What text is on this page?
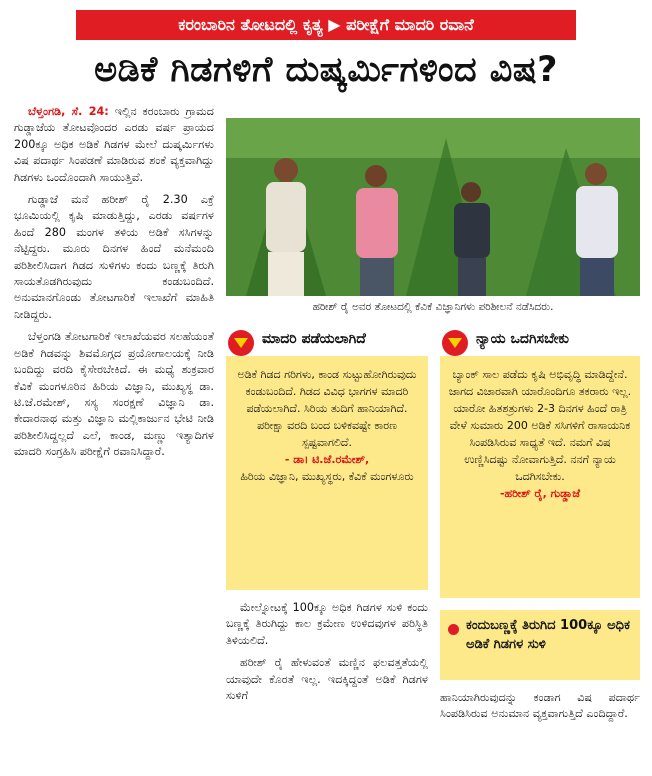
ಕರಂಬಾರಿನ ತೋಟದಲ್ಲಿ ಕೃತ್ಯ ▶ ಪರೀಕ್ಷೆಗೆ ಮಾದರಿ ರವಾನೆ
ಅಡಿಕೆ ಗಿಡಗಳಿಗೆ ದುಷ್ಕರ್ಮಿಗಳಿಂದ ವಿಷ?

ಬೆಳ್ತಂಗಡಿ, ಸೆ. 24: ಇಲ್ಲಿನ ಕರಂಬಾರು ಗ್ರಾಮದ ಗುಡ್ಡಾಜೆಯ ತೋಟವೊಂದರ ಎರಡು ವರ್ಷ ಪ್ರಾಯದ 200ಕ್ಕೂ ಅಧಿಕ ಅಡಿಕೆ ಗಿಡಗಳ ಮೇಲೆ ದುಷ್ಕರ್ಮಿಗಳು ವಿಷ ಪದಾರ್ಥ ಸಿಂಪಡಣೆ ಮಾಡಿರುವ ಶಂಕೆ ವ್ಯಕ್ತವಾಗಿದ್ದು ಗಿಡಗಳು ಒಂದೊಂದಾಗಿ ಸಾಯುತ್ತಿವೆ.

ಗುಡ್ಡಾಜೆ ಮನೆ ಹರೀಶ್ ರೈ 2.30 ಎಕ್ರೆ ಭೂಮಿಯಲ್ಲಿ ಕೃಷಿ ಮಾಡುತ್ತಿದ್ದು, ಎರಡು ವರ್ಷಗಳ ಹಿಂದೆ 280 ಮಂಗಳ ತಳಿಯ ಅಡಿಕೆ ಸಸಿಗಳನ್ನು ನೆಟ್ಟಿದ್ದರು. ಮೂರು ದಿನಗಳ ಹಿಂದೆ ಮನೆಮಂದಿ ಪರಿಶೀಲಿಸಿದಾಗ ಗಿಡದ ಸುಳಿಗಳು ಕಂದು ಬಣ್ಣಕ್ಕೆ ತಿರುಗಿ ಸಾಯತೊಡಗಿರುವುದು ಕಂಡುಬಂದಿದೆ. ಅನುಮಾನಗೊಂಡು ತೋಟಗಾರಿಕೆ ಇಲಾಖೆಗೆ ಮಾಹಿತಿ ನೀಡಿದ್ದರು.

ಬೆಳ್ತಂಗಡಿ ತೋಟಗಾರಿಕೆ ಇಲಾಖೆಯವರ ಸಲಹೆಯಂತೆ ಅಡಿಕೆ ಗಿಡವನ್ನು ಶಿವಮೊಗ್ಗದ ಪ್ರಯೋಗಾಲಯಕ್ಕೆ ನೀಡಿ ಬಂದಿದ್ದು ವರದಿ ಕೈಸೇರಬೇಕಿದೆ. ಈ ಮಧ್ಯೆ ಶುಕ್ರವಾರ ಕೆವಿಕೆ ಮಂಗಳೂರಿನ ಹಿರಿಯ ವಿಜ್ಞಾನಿ, ಮುಖ್ಯಸ್ಥ ಡಾ. ಟಿ.ಜೆ.ರಮೇಶ್, ಸಸ್ಯ ಸಂರಕ್ಷಣೆ ವಿಜ್ಞಾನಿ ಡಾ. ಕೇದಾರನಾಥ ಮತ್ತು ವಿಜ್ಞಾನಿ ಮಲ್ಲಿಕಾರ್ಜುನ ಭೇಟಿ ನೀಡಿ ಪರಿಶೀಲಿಸಿದ್ದಲ್ಲದೆ ಎಲೆ, ಕಾಂಡ, ಮಣ್ಣು ಇತ್ಯಾದಿಗಳ ಮಾದರಿ ಸಂಗ್ರಹಿಸಿ ಪರೀಕ್ಷೆಗೆ ರವಾನಿಸಿದ್ದಾರೆ.

ಹರೀಶ್ ರೈ ಅವರ ತೋಟದಲ್ಲಿ ಕೆವಿಕೆ ವಿಜ್ಞಾನಿಗಳು ಪರಿಶೀಲನೆ ನಡೆಸಿದರು.
ಮಾದರಿ ಪಡೆಯಲಾಗಿದೆ
ಅಡಿಕೆ ಗಿಡದ ಗರಿಗಳು, ಕಾಂಡ ಸುಟ್ಟುಹೋಗಿರುವುದು ಕಂಡುಬಂದಿದೆ. ಗಿಡದ ವಿವಿಧ ಭಾಗಗಳ ಮಾದರಿ ಪಡೆಯಲಾಗಿದೆ. ಸಿರಿಯ ತುದಿಗೆ ಹಾನಿಯಾಗಿದೆ. ಪರೀಕ್ಷಾ ವರದಿ ಬಂದ ಬಳಿಕವಷ್ಟೇ ಕಾರಣ ಸ್ಪಷ್ಟವಾಗಲಿದೆ.
- ಡಾ। ಟಿ.ಜೆ.ರಮೇಶ್,
ಹಿರಿಯ ವಿಜ್ಞಾನಿ, ಮುಖ್ಯಸ್ಥರು, ಕೆವಿಕೆ ಮಂಗಳೂರು
ನ್ಯಾಯ ಒದಗಿಸಬೇಕು
ಬ್ಯಾಂಕ್ ಸಾಲ ಪಡೆದು ಕೃಷಿ ಅಭಿವೃದ್ಧಿ ಮಾಡಿದ್ದೇನೆ. ಜಾಗದ ವಿಚಾರವಾಗಿ ಯಾರೊಂದಿಗೂ ತಕರಾರು ಇಲ್ಲ. ಯಾರೋ ಹಿತಶತ್ರುಗಳು 2-3 ದಿನಗಳ ಹಿಂದೆ ರಾತ್ರಿ ವೇಳೆ ಸುಮಾರು 200 ಅಡಿಕೆ ಸಸಿಗಳಿಗೆ ರಾಸಾಯನಿಕ ಸಿಂಪಡಿಸಿರುವ ಸಾಧ್ಯತೆ ಇದೆ. ನಮಗೆ ವಿಷ ಉಣ್ಣಿಸಿದಷ್ಟು ನೋವಾಗುತ್ತಿದೆ. ನನಗೆ ನ್ಯಾಯ ಒದಗಿಸಬೇಕು.
-ಹರೀಶ್ ರೈ, ಗುಡ್ಡಾಜೆ

ಮೇಲ್ನೋಟಕ್ಕೆ 100ಕ್ಕೂ ಅಧಿಕ ಗಿಡಗಳ ಸುಳಿ ಕಂದು ಬಣ್ಣಕ್ಕೆ ತಿರುಗಿದ್ದು ಕಾಲ ಕ್ರಮೇಣ ಉಳಿದವುಗಳ ಪರಿಸ್ಥಿತಿ ತಿಳಿಯಲಿದೆ.

ಹರೀಶ್ ರೈ ಹೇಳುವಂತೆ ಮಣ್ಣಿನ ಫಲವತ್ತತೆಯಲ್ಲಿ ಯಾವುದೇ ಕೊರತೆ ಇಲ್ಲ. ಇದಕ್ಕಿದ್ದಂತೆ ಅಡಿಕೆ ಗಿಡಗಳ ಸುಳಿಗೆ

ಕಂದುಬಣ್ಣಕ್ಕೆ ತಿರುಗಿದ 100ಕ್ಕೂ ಅಧಿಕ ಅಡಿಕೆ ಗಿಡಗಳ ಸುಳಿ
ಹಾನಿಯಾಗಿರುವುದನ್ನು ಕಂಡಾಗ ವಿಷ ಪದಾರ್ಥ ಸಿಂಪಡಿಸಿರುವ ಅನುಮಾನ ವ್ಯಕ್ತವಾಗುತ್ತಿದೆ ಎಂದಿದ್ದಾರೆ.
